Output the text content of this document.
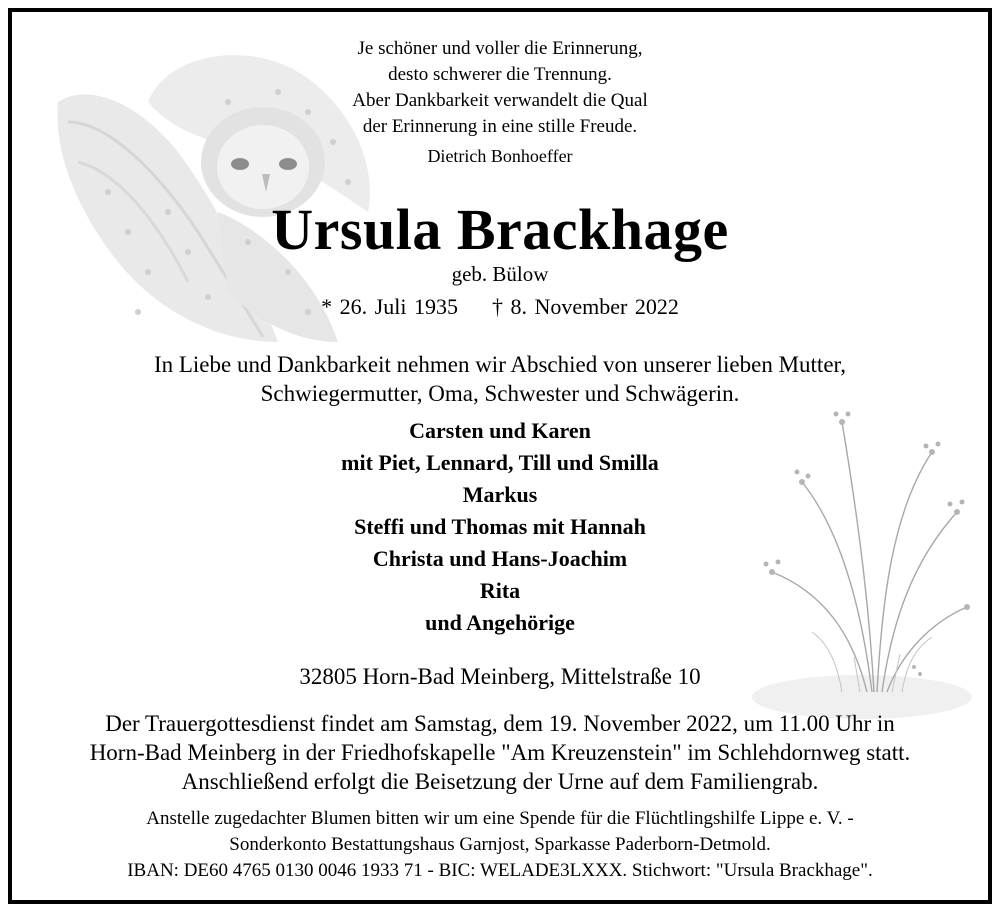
Je schöner und voller die Erinnerung,
desto schwerer die Trennung.
Aber Dankbarkeit verwandelt die Qual
der Erinnerung in eine stille Freude.
Dietrich Bonhoeffer
Ursula Brackhage
geb. Bülow
* 26. Juli 1935 † 8. November 2022
In Liebe und Dankbarkeit nehmen wir Abschied von unserer lieben Mutter,
Schwiegermutter, Oma, Schwester und Schwägerin.
Carsten und Karen
mit Piet, Lennard, Till und Smilla
Markus
Steffi und Thomas mit Hannah
Christa und Hans-Joachim
Rita
und Angehörige
32805 Horn-Bad Meinberg, Mittelstraße 10
Der Trauergottesdienst findet am Samstag, dem 19. November 2022, um 11.00 Uhr in
Horn-Bad Meinberg in der Friedhofskapelle "Am Kreuzenstein" im Schlehdornweg statt.
Anschließend erfolgt die Beisetzung der Urne auf dem Familiengrab.
Anstelle zugedachter Blumen bitten wir um eine Spende für die Flüchtlingshilfe Lippe e. V. -
Sonderkonto Bestattungshaus Garnjost, Sparkasse Paderborn-Detmold.
IBAN: DE60 4765 0130 0046 1933 71 - BIC: WELADE3LXXX. Stichwort: "Ursula Brackhage".
